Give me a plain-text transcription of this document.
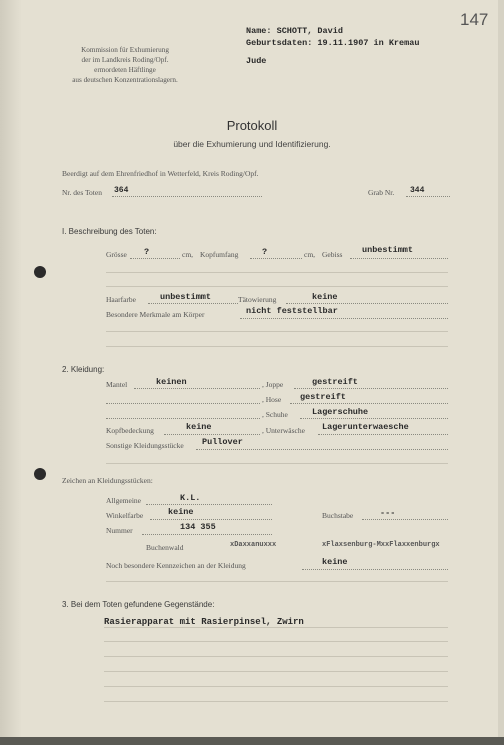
147
Name: SCHOTT, David
Geburtsdaten: 19.11.1907 in Kremau
Jude
Kommission für Exhumierung
der im Landkreis Roding/Opf.
ermordeten Häftlinge
aus deutschen Konzentrationslagern.
Protokoll
über die Exhumierung und Identifizierung.
Beerdigt auf dem Ehrenfriedhof in Wetterfeld, Kreis Roding/Opf.
Nr. des Toten 364	Grab Nr. 344
I. Beschreibung des Toten:
Grösse ?	cm, Kopfumfang	?	cm, Gebiss unbestimmt
Haarfarbe	unbestimmt	Tätowierung	keine
Besondere Merkmale am Körper	nicht feststellbar
2. Kleidung:
Mantel	keinen	, Joppe	gestreift
, Hose gestreift
, Schuhe	Lagerschuhe
Kopfbedeckung	keine	, Unterwäsche Lagerunterwaesche
Sonstige Kleidungsstücke Pullover
Zeichen an Kleidungsstücken:
Allgemeine	K.L.
Winkelfarbe	keine	Buchstabe	---
Nummer	134 355
Buchenwald	xDaxxanuxxx	xFlaxsenburg-MxxFlaxxenburgx
Noch besondere Kennzeichen an der Kleidung	keine
3. Bei dem Toten gefundene Gegenstände:
Rasierapparat mit Rasierpinsel, Zwirn
